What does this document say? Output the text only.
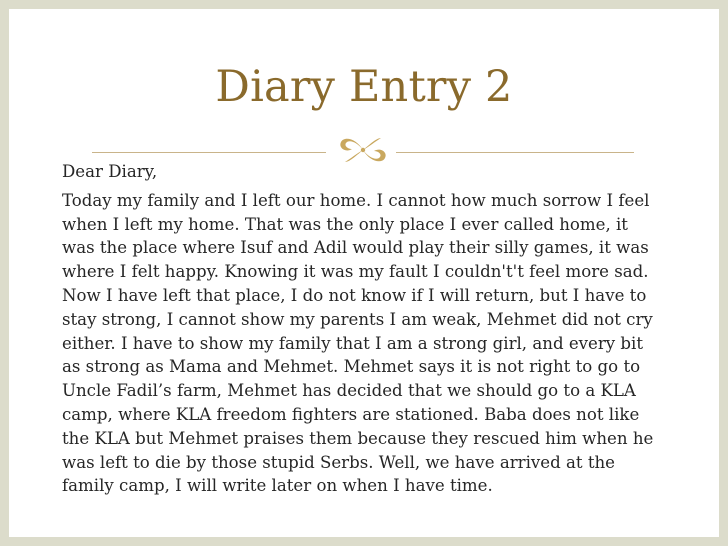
Diary Entry 2

Dear Diary,

Today my family and I left our home. I cannot how much sorrow I feel when I left my home. That was the only place I ever called home, it was the place where Isuf and Adil would play their silly games, it was where I felt happy. Knowing it was my fault I couldn't't feel more sad. Now I have left that place, I do not know if I will return, but I have to stay strong, I cannot show my parents I am weak, Mehmet did not cry either. I have to show my family that I am a strong girl, and every bit as strong as Mama and Mehmet. Mehmet says it is not right to go to Uncle Fadil’s farm, Mehmet has decided that we should go to a KLA camp, where KLA freedom fighters are stationed. Baba does not like the KLA but Mehmet praises them because they rescued him when he was left to die by those stupid Serbs. Well, we have arrived at the family camp, I will write later on when I have time.
